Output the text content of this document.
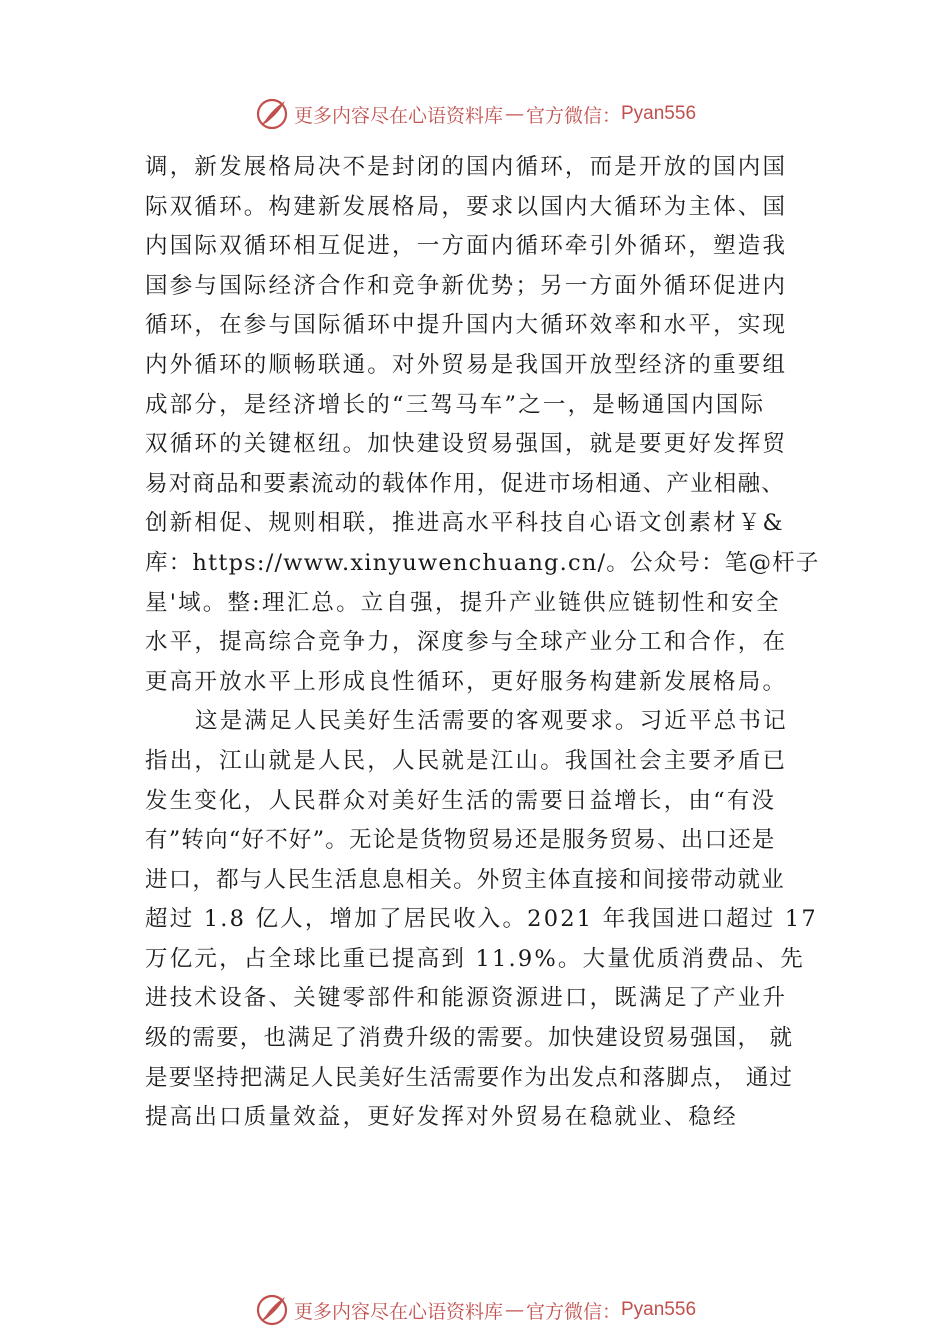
更多内容尽在心语资料库 — 官方微信： Pyan556
调，新发展格局决不是封闭的国内循环，而是开放的国内国
际双循环。构建新发展格局，要求以国内大循环为主体、国
内国际双循环相互促进，一方面内循环牵引外循环，塑造我
国参与国际经济合作和竞争新优势；另一方面外循环促进内
循环，在参与国际循环中提升国内大循环效率和水平，实现
内外循环的顺畅联通。对外贸易是我国开放型经济的重要组
成部分，是经济增长的“三驾马车”之一，是畅通国内国际
双循环的关键枢纽。加快建设贸易强国，就是要更好发挥贸
易对商品和要素流动的载体作用，促进市场相通、产业相融、
创新相促、规则相联，推进高水平科技自心语文创素材￥&
库：https://www.xinyuwenchuang.cn/。公众号：笔@杆子
星'域。整:理汇总。立自强，提升产业链供应链韧性和安全
水平，提高综合竞争力，深度参与全球产业分工和合作，在
更高开放水平上形成良性循环，更好服务构建新发展格局。
这是满足人民美好生活需要的客观要求。习近平总书记
指出，江山就是人民，人民就是江山。我国社会主要矛盾已
发生变化，人民群众对美好生活的需要日益增长，由“有没
有”转向“好不好”。无论是货物贸易还是服务贸易、出口还是
进口，都与人民生活息息相关。外贸主体直接和间接带动就业
超过 1.8 亿人，增加了居民收入。2021 年我国进口超过 17
万亿元，占全球比重已提高到 11.9%。大量优质消费品、先
进技术设备、关键零部件和能源资源进口，既满足了产业升
级的需要，也满足了消费升级的需要。加快建设贸易强国， 就
是要坚持把满足人民美好生活需要作为出发点和落脚点， 通过
提高出口质量效益，更好发挥对外贸易在稳就业、稳经
更多内容尽在心语资料库 — 官方微信： Pyan556
